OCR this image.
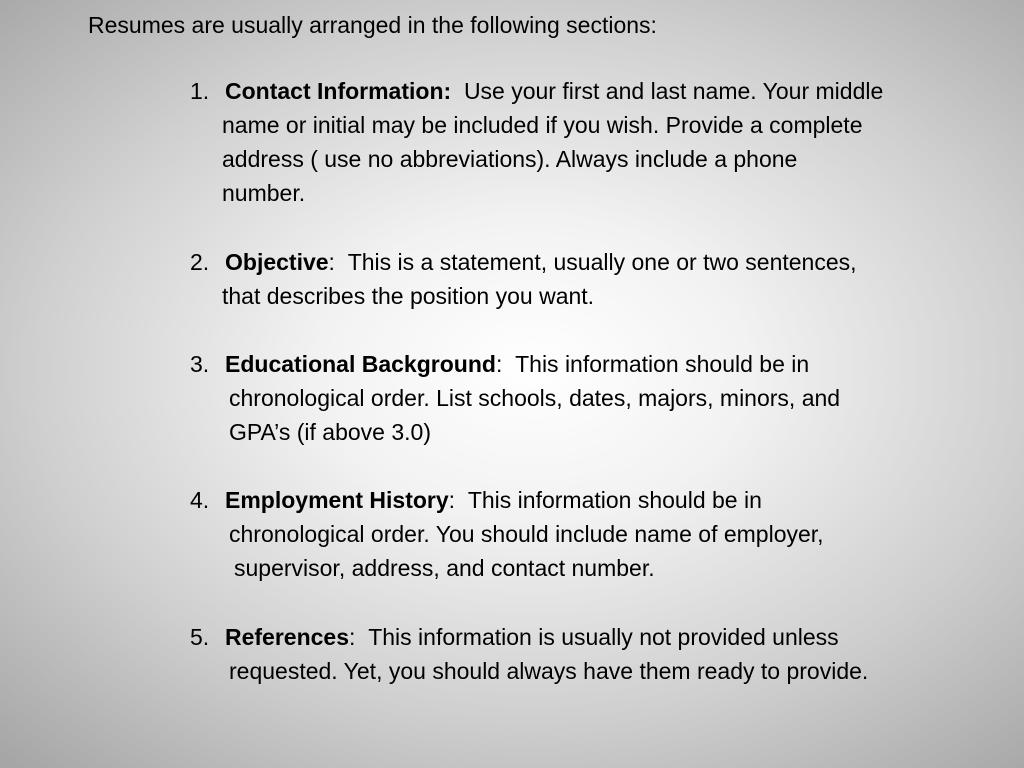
Resumes are usually arranged in the following sections:
1. Contact Information: Use your first and last name. Your middle
name or initial may be included if you wish. Provide a complete
address ( use no abbreviations). Always include a phone
number.
2. Objective: This is a statement, usually one or two sentences,
that describes the position you want.
3. Educational Background: This information should be in
chronological order. List schools, dates, majors, minors, and
GPA’s (if above 3.0)
4. Employment History: This information should be in
chronological order. You should include name of employer,
supervisor, address, and contact number.
5. References: This information is usually not provided unless
requested. Yet, you should always have them ready to provide.
